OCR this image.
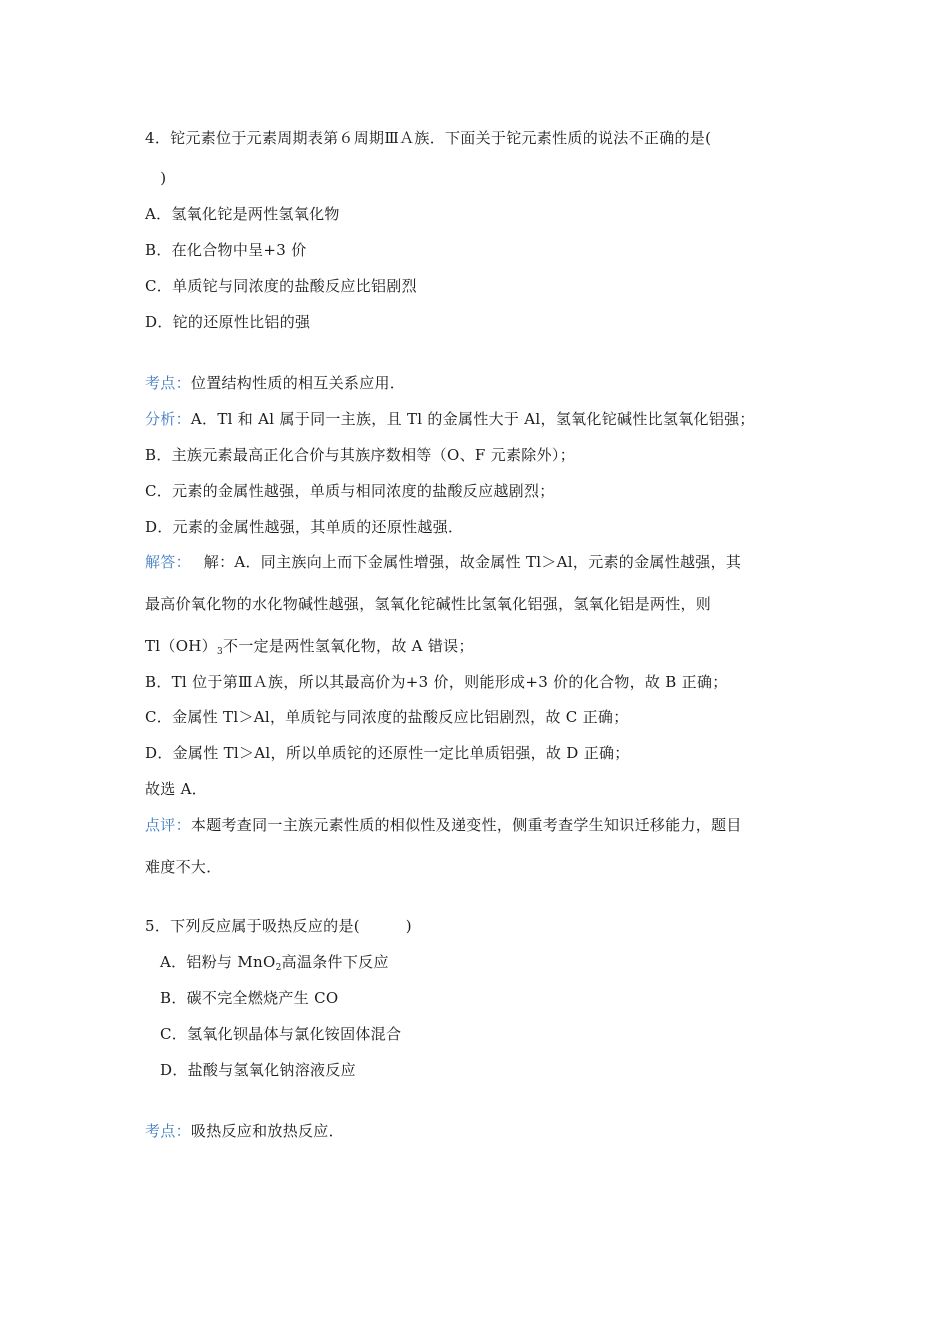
4．铊元素位于元素周期表第６周期ⅢＡ族．下面关于铊元素性质的说法不正确的是(
　)
A．氢氧化铊是两性氢氧化物
B．在化合物中呈+3 价
C．单质铊与同浓度的盐酸反应比铝剧烈
D．铊的还原性比铝的强
考点：位置结构性质的相互关系应用．
分析：A．Tl 和 Al 属于同一主族，且 Tl 的金属性大于 Al，氢氧化铊碱性比氢氧化铝强；
B．主族元素最高正化合价与其族序数相等（O、F 元素除外）；
C．元素的金属性越强，单质与相同浓度的盐酸反应越剧烈；
D．元素的金属性越强，其单质的还原性越强．
解答：　 解：A．同主族向上而下金属性增强，故金属性 Tl＞Al，元素的金属性越强，其
最高价氧化物的水化物碱性越强，氢氧化铊碱性比氢氧化铝强，氢氧化铝是两性，则
$Tl(OH)_3$不一定是两性氢氧化物，故 A 错误；
B．Tl 位于第ⅢＡ族，所以其最高价为+3 价，则能形成+3 价的化合物，故 B 正确；
C．金属性 Tl＞Al，单质铊与同浓度的盐酸反应比铝剧烈，故 C 正确；
D．金属性 Tl＞Al，所以单质铊的还原性一定比单质铝强，故 D 正确；
故选 A．
点评：本题考查同一主族元素性质的相似性及递变性，侧重考查学生知识迁移能力，题目
难度不大．
5．下列反应属于吸热反应的是(　　　)
A．铝粉与 MnO$_2$高温条件下反应
B．碳不完全燃烧产生 CO
C．氢氧化钡晶体与氯化铵固体混合
D．盐酸与氢氧化钠溶液反应
考点：吸热反应和放热反应．
